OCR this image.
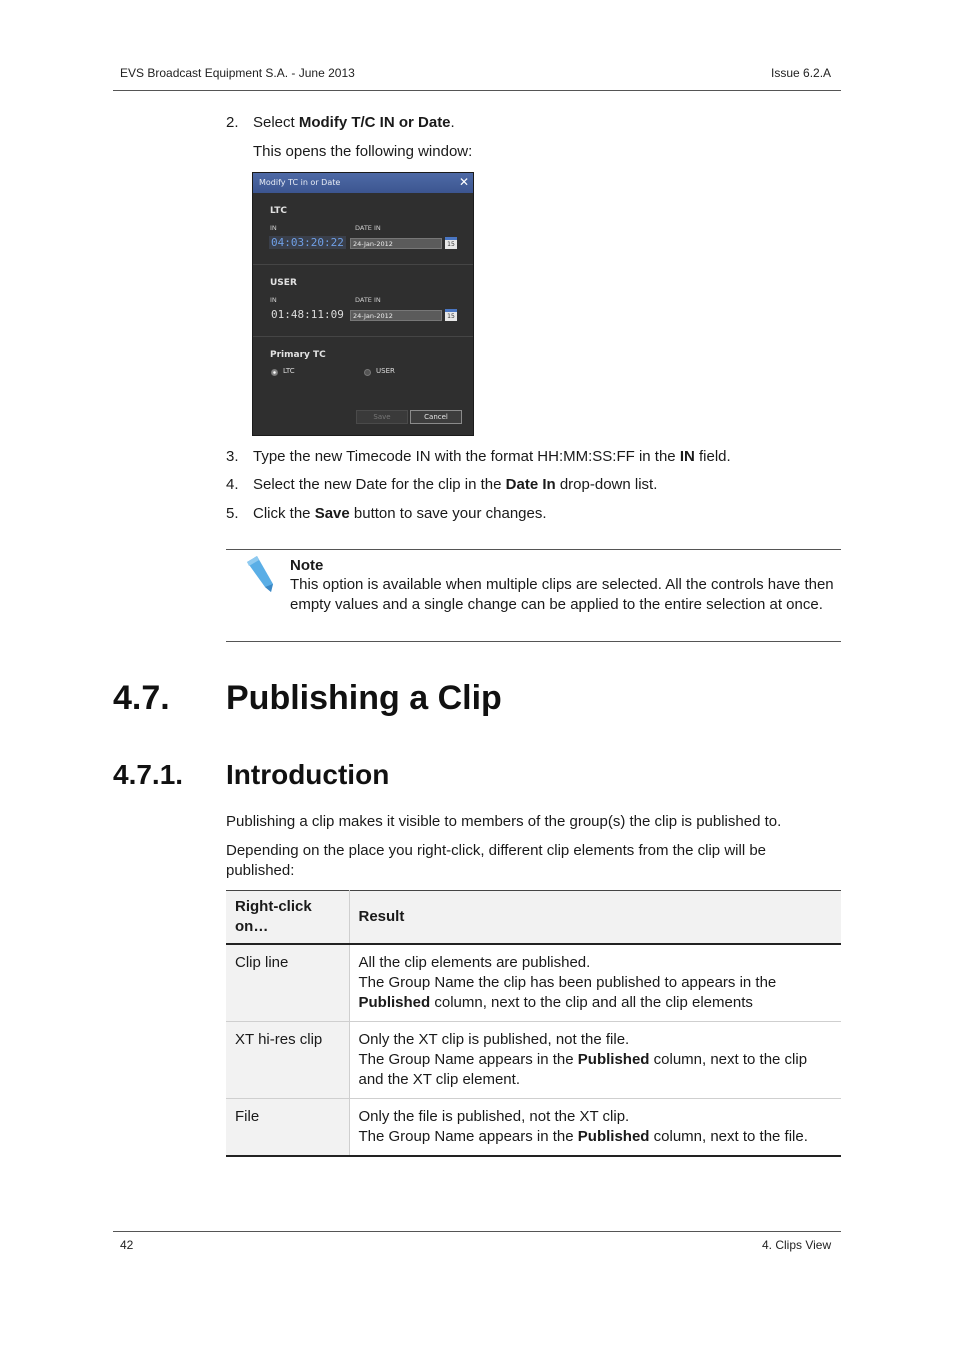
EVS Broadcast Equipment S.A. - June 2013	Issue 6.2.A
2. Select Modify T/C IN or Date.
This opens the following window:
Modify TC in or Date	✕
LTC
IN	DATE IN
04:03:20:22	24-Jan-2012	15
USER
IN	DATE IN
01:48:11:09	24-Jan-2012	15
Primary TC
LTC	USER
Save	Cancel
3. Type the new Timecode IN with the format HH:MM:SS:FF in the IN field.
4. Select the new Date for the clip in the Date In drop-down list.
5. Click the Save button to save your changes.
Note
This option is available when multiple clips are selected. All the controls have then empty values and a single change can be applied to the entire selection at once.
4.7. Publishing a Clip
4.7.1. Introduction
Publishing a clip makes it visible to members of the group(s) the clip is published to.
Depending on the place you right-click, different clip elements from the clip will be published:
Right-click on…	Result
Clip line	All the clip elements are published.
The Group Name the clip has been published to appears in the Published column, next to the clip and all the clip elements

XT hi-res clip	Only the XT clip is published, not the file.
The Group Name appears in the Published column, next to the clip and the XT clip element.

File	Only the file is published, not the XT clip.
The Group Name appears in the Published column, next to the file.
42	4. Clips View
